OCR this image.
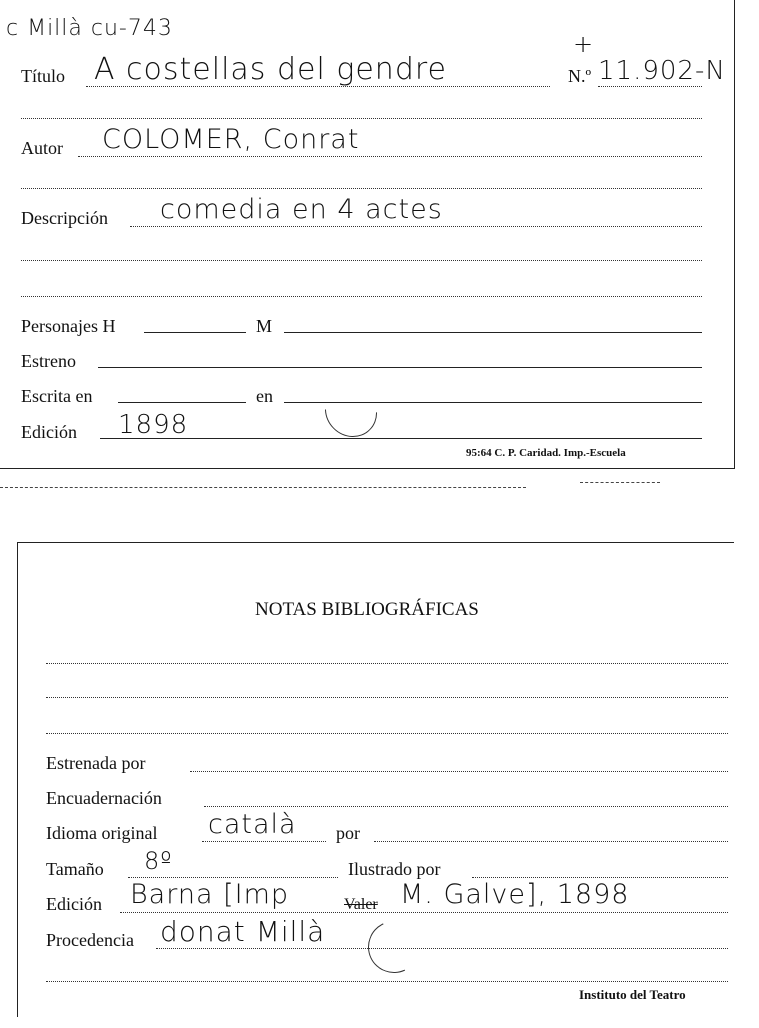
c Millà cu-743
+
Título A costellas del gendre	N.º 11.902-N
Autor COLOMER, Conrat
Descripción comedia en 4 actes
Personajes H	M
Estreno
Escrita en	en
Edición 1898
95:64 C. P. Caridad. Imp.-Escuela
NOTAS BIBLIOGRÁFICAS
Estrenada por
Encuadernación
Idioma original català por
Tamaño 8º	Ilustrado por
Edición Barna [Imp	Valer M. Galve], 1898
Procedencia donat Millà
Instituto del Teatro
